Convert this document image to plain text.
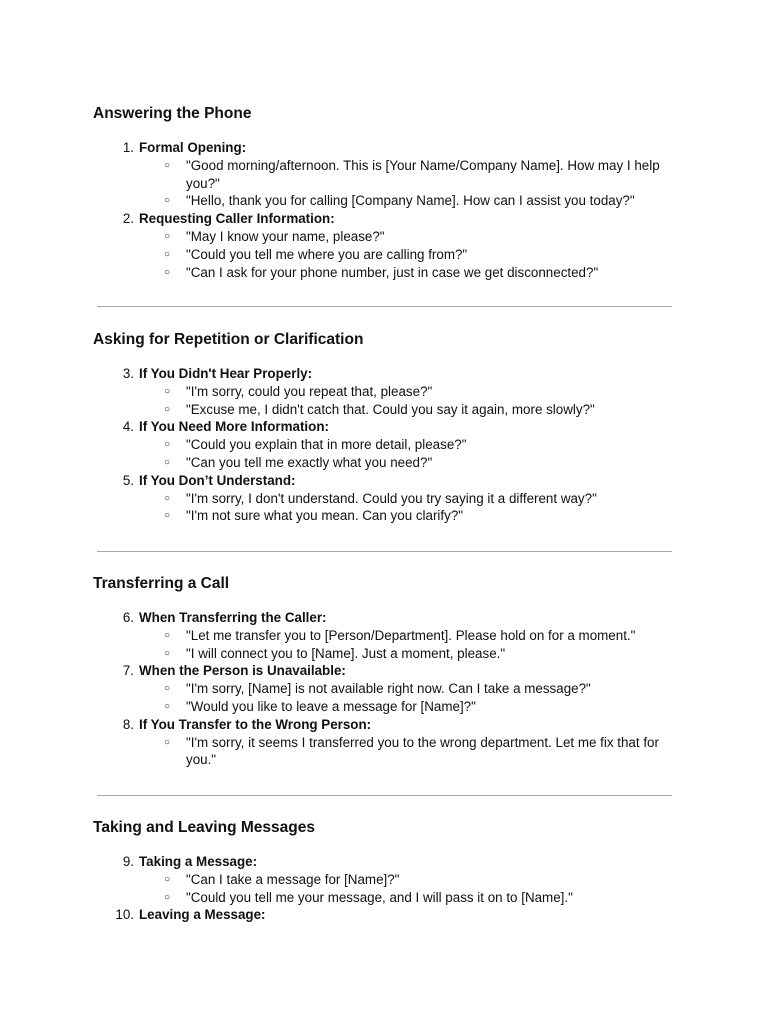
Answering the Phone
1. Formal Opening:
○ "Good morning/afternoon. This is [Your Name/Company Name]. How may I help you?"
○ "Hello, thank you for calling [Company Name]. How can I assist you today?"
2. Requesting Caller Information:
○ "May I know your name, please?"
○ "Could you tell me where you are calling from?"
○ "Can I ask for your phone number, just in case we get disconnected?"
Asking for Repetition or Clarification
3. If You Didn't Hear Properly:
○ "I'm sorry, could you repeat that, please?"
○ "Excuse me, I didn't catch that. Could you say it again, more slowly?"
4. If You Need More Information:
○ "Could you explain that in more detail, please?"
○ "Can you tell me exactly what you need?"
5. If You Don’t Understand:
○ "I'm sorry, I don't understand. Could you try saying it a different way?"
○ "I'm not sure what you mean. Can you clarify?"
Transferring a Call
6. When Transferring the Caller:
○ "Let me transfer you to [Person/Department]. Please hold on for a moment."
○ "I will connect you to [Name]. Just a moment, please."
7. When the Person is Unavailable:
○ "I'm sorry, [Name] is not available right now. Can I take a message?"
○ "Would you like to leave a message for [Name]?"
8. If You Transfer to the Wrong Person:
○ "I'm sorry, it seems I transferred you to the wrong department. Let me fix that for you."
Taking and Leaving Messages
9. Taking a Message:
○ "Can I take a message for [Name]?"
○ "Could you tell me your message, and I will pass it on to [Name]."
10. Leaving a Message:
